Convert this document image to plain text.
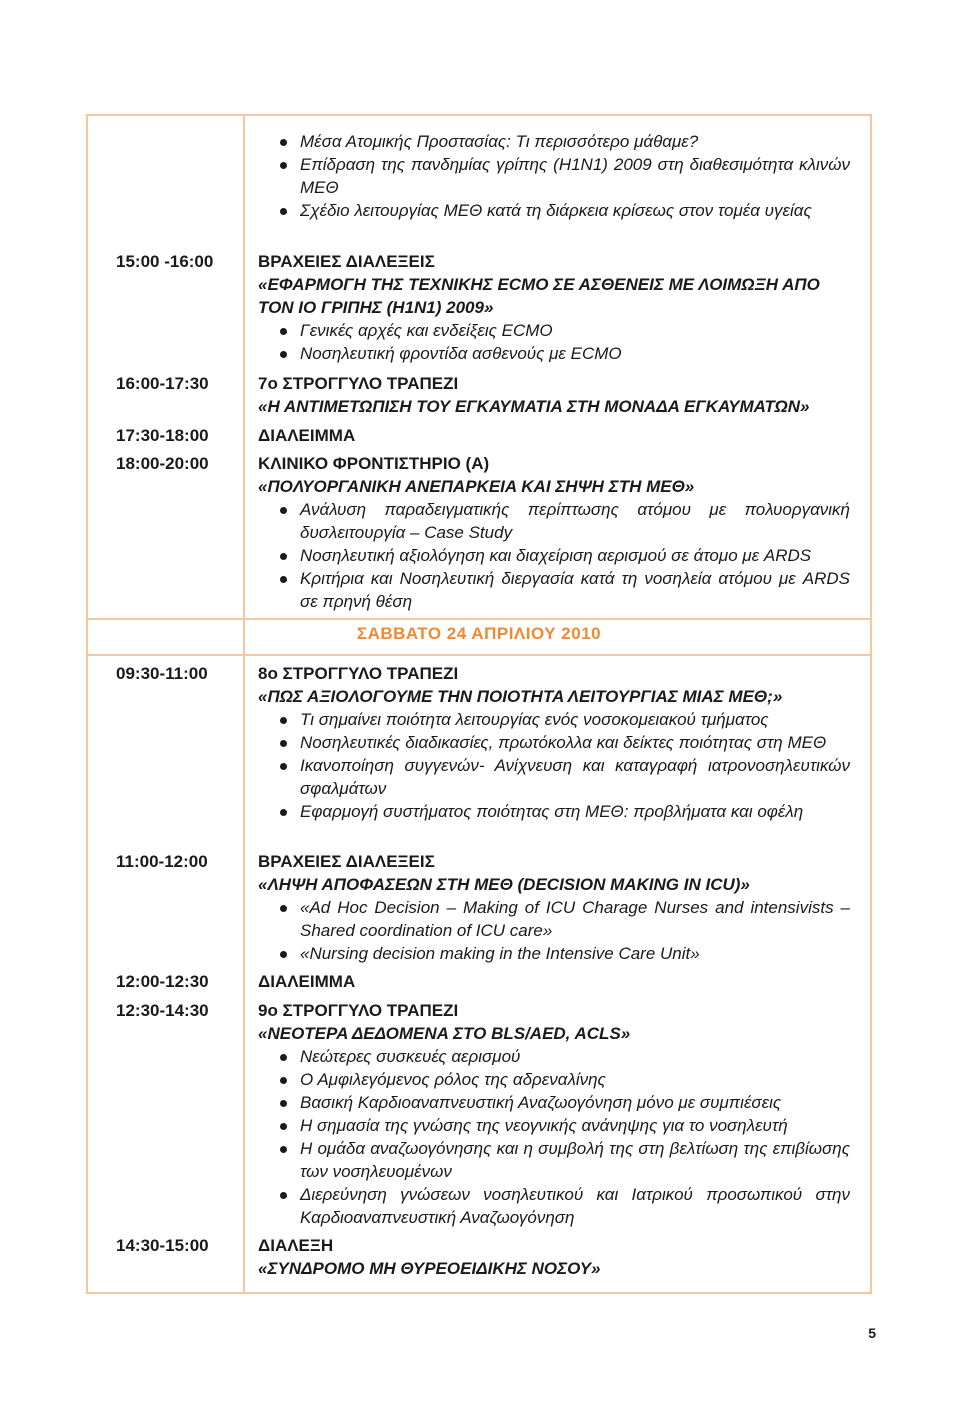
ΣΑΒΒΑΤΟ 24 ΑΠΡΙΛΙΟΥ 2010
Μέσα Ατομικής Προστασίας: Τι περισσότερο μάθαμε?
Επίδραση της πανδημίας γρίπης (Η1Ν1) 2009 στη διαθεσιμότητα κλινών ΜΕΘ
Σχέδιο λειτουργίας ΜΕΘ κατά τη διάρκεια κρίσεως στον τομέα υγείας
15:00 -16:00	ΒΡΑΧΕΙΕΣ ΔΙΑΛΕΞΕΙΣ
«ΕΦΑΡΜΟΓΗ ΤΗΣ ΤΕΧΝΙΚΗΣ ECMO ΣΕ ΑΣΘΕΝΕΙΣ ΜΕ ΛΟΙΜΩΞΗ ΑΠΟ ΤΟΝ ΙΟ ΓΡΙΠΗΣ (Η1Ν1) 2009»
Γενικές αρχές και ενδείξεις ECMO
Νοσηλευτική φροντίδα ασθενούς με ECMO
16:00-17:30	7ο ΣΤΡΟΓΓΥΛΟ ΤΡΑΠΕΖΙ
«Η ΑΝΤΙΜΕΤΩΠΙΣΗ ΤΟΥ ΕΓΚΑΥΜΑΤΙΑ ΣΤΗ ΜΟΝΑΔΑ ΕΓΚΑΥΜΑΤΩΝ»
17:30-18:00	ΔΙΑΛΕΙΜΜΑ
18:00-20:00	ΚΛΙΝΙΚΟ ΦΡΟΝΤΙΣΤΗΡΙΟ (Α)
«ΠΟΛΥΟΡΓΑΝΙΚΗ ΑΝΕΠΑΡΚΕΙΑ ΚΑΙ ΣΗΨΗ ΣΤΗ ΜΕΘ»
Ανάλυση παραδειγματικής περίπτωσης ατόμου με πολυοργανική δυσλειτουργία – Case Study
Νοσηλευτική αξιολόγηση και διαχείριση αερισμού σε άτομο με ARDS
Κριτήρια και Νοσηλευτική διεργασία κατά τη νοσηλεία ατόμου με ARDS σε πρηνή θέση
09:30-11:00	8ο ΣΤΡΟΓΓΥΛΟ ΤΡΑΠΕΖΙ
«ΠΩΣ ΑΞΙΟΛΟΓΟΥΜΕ ΤΗΝ ΠΟΙΟΤΗΤΑ ΛΕΙΤΟΥΡΓΙΑΣ ΜΙΑΣ ΜΕΘ;»
Τι σημαίνει ποιότητα λειτουργίας ενός νοσοκομειακού τμήματος
Νοσηλευτικές διαδικασίες, πρωτόκολλα και δείκτες ποιότητας στη ΜΕΘ
Ικανοποίηση συγγενών- Ανίχνευση και καταγραφή ιατρονοσηλευτικών σφαλμάτων
Εφαρμογή συστήματος ποιότητας στη ΜΕΘ: προβλήματα και οφέλη
11:00-12:00	ΒΡΑΧΕΙΕΣ ΔΙΑΛΕΞΕΙΣ
«ΛΗΨΗ ΑΠΟΦΑΣΕΩΝ ΣΤΗ ΜΕΘ (DECISION MAKING IN ICU)»
«Ad Hoc Decision – Making of ICU Charage Nurses and intensivists – Shared coordination of ICU care»
«Nursing decision making in the Intensive Care Unit»
12:00-12:30	ΔΙΑΛΕΙΜΜΑ
12:30-14:30	9ο ΣΤΡΟΓΓΥΛΟ ΤΡΑΠΕΖΙ
«ΝΕΟΤΕΡΑ ΔΕΔΟΜΕΝΑ ΣΤΟ BLS/AED, ACLS»
Νεώτερες συσκευές αερισμού
Ο Αμφιλεγόμενος ρόλος της αδρεναλίνης
Βασική Καρδιοαναπνευστική Αναζωογόνηση μόνο με συμπιέσεις
Η σημασία της γνώσης της νεογνικής ανάνηψης για το νοσηλευτή
Η ομάδα αναζωογόνησης και η συμβολή της στη βελτίωση της επιβίωσης των νοσηλευομένων
Διερεύνηση γνώσεων νοσηλευτικού και Ιατρικού προσωπικού στην Καρδιοαναπνευστική Αναζωογόνηση
14:30-15:00	ΔΙΑΛΕΞΗ
«ΣΥΝΔΡΟΜΟ ΜΗ ΘΥΡΕΟΕΙΔΙΚΗΣ ΝΟΣΟΥ»
5
